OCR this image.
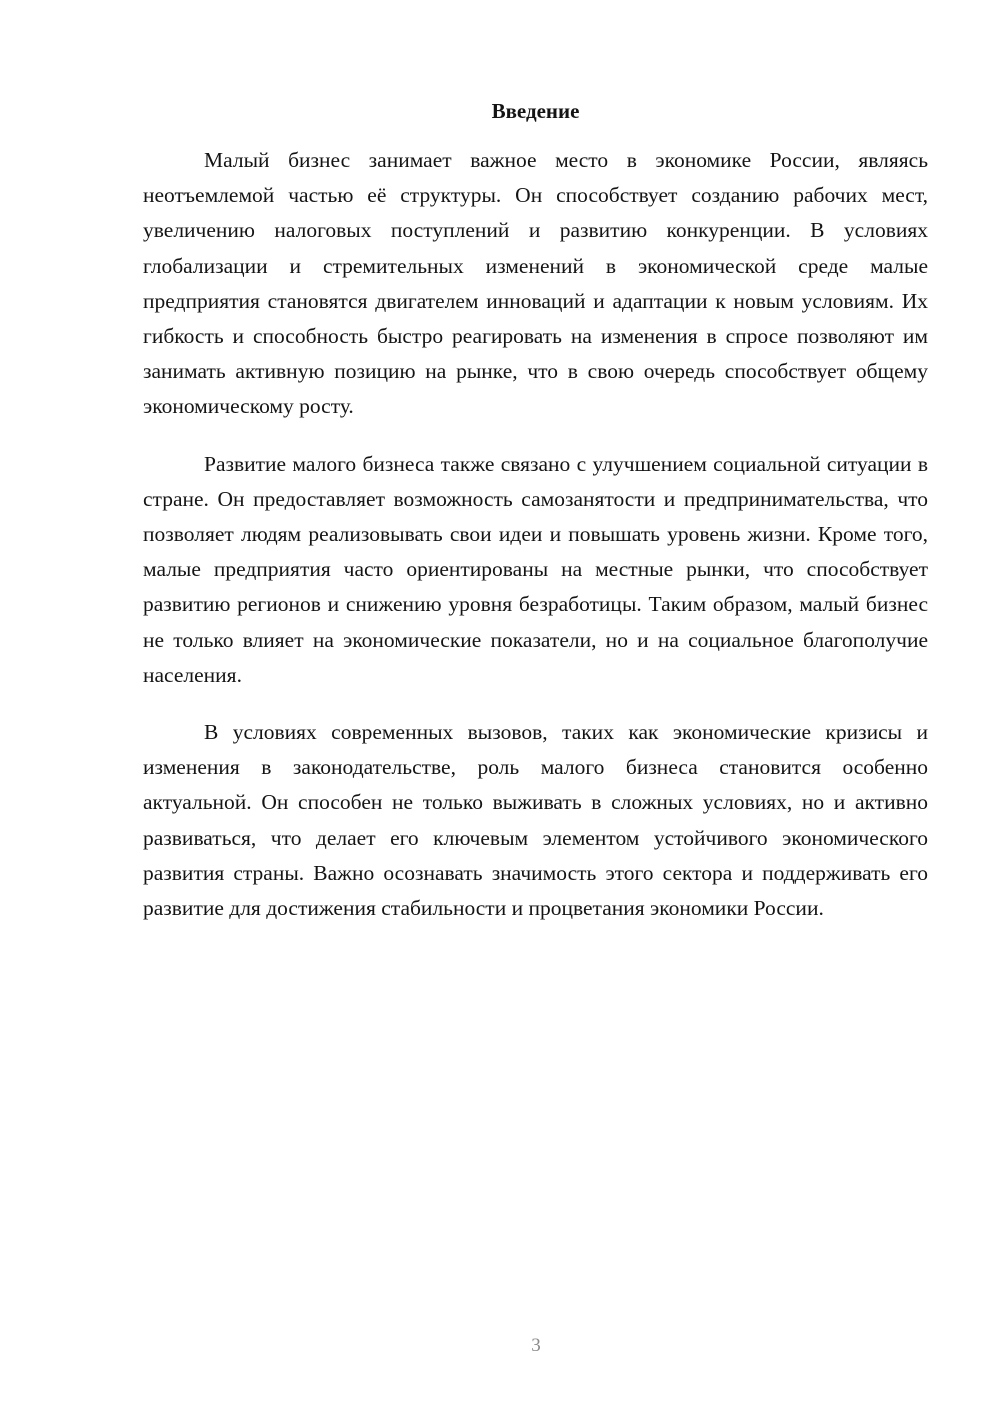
Введение

Малый бизнес занимает важное место в экономике России, являясь неотъемлемой частью её структуры. Он способствует созданию рабочих мест, увеличению налоговых поступлений и развитию конкуренции. В условиях глобализации и стремительных изменений в экономической среде малые предприятия становятся двигателем инноваций и адаптации к новым условиям. Их гибкость и способность быстро реагировать на изменения в спросе позволяют им занимать активную позицию на рынке, что в свою очередь способствует общему экономическому росту.

Развитие малого бизнеса также связано с улучшением социальной ситуации в стране. Он предоставляет возможность самозанятости и предпринимательства, что позволяет людям реализовывать свои идеи и повышать уровень жизни. Кроме того, малые предприятия часто ориентированы на местные рынки, что способствует развитию регионов и снижению уровня безработицы. Таким образом, малый бизнес не только влияет на экономические показатели, но и на социальное благополучие населения.

В условиях современных вызовов, таких как экономические кризисы и изменения в законодательстве, роль малого бизнеса становится особенно актуальной. Он способен не только выживать в сложных условиях, но и активно развиваться, что делает его ключевым элементом устойчивого экономического развития страны. Важно осознавать значимость этого сектора и поддерживать его развитие для достижения стабильности и процветания экономики России.

3
